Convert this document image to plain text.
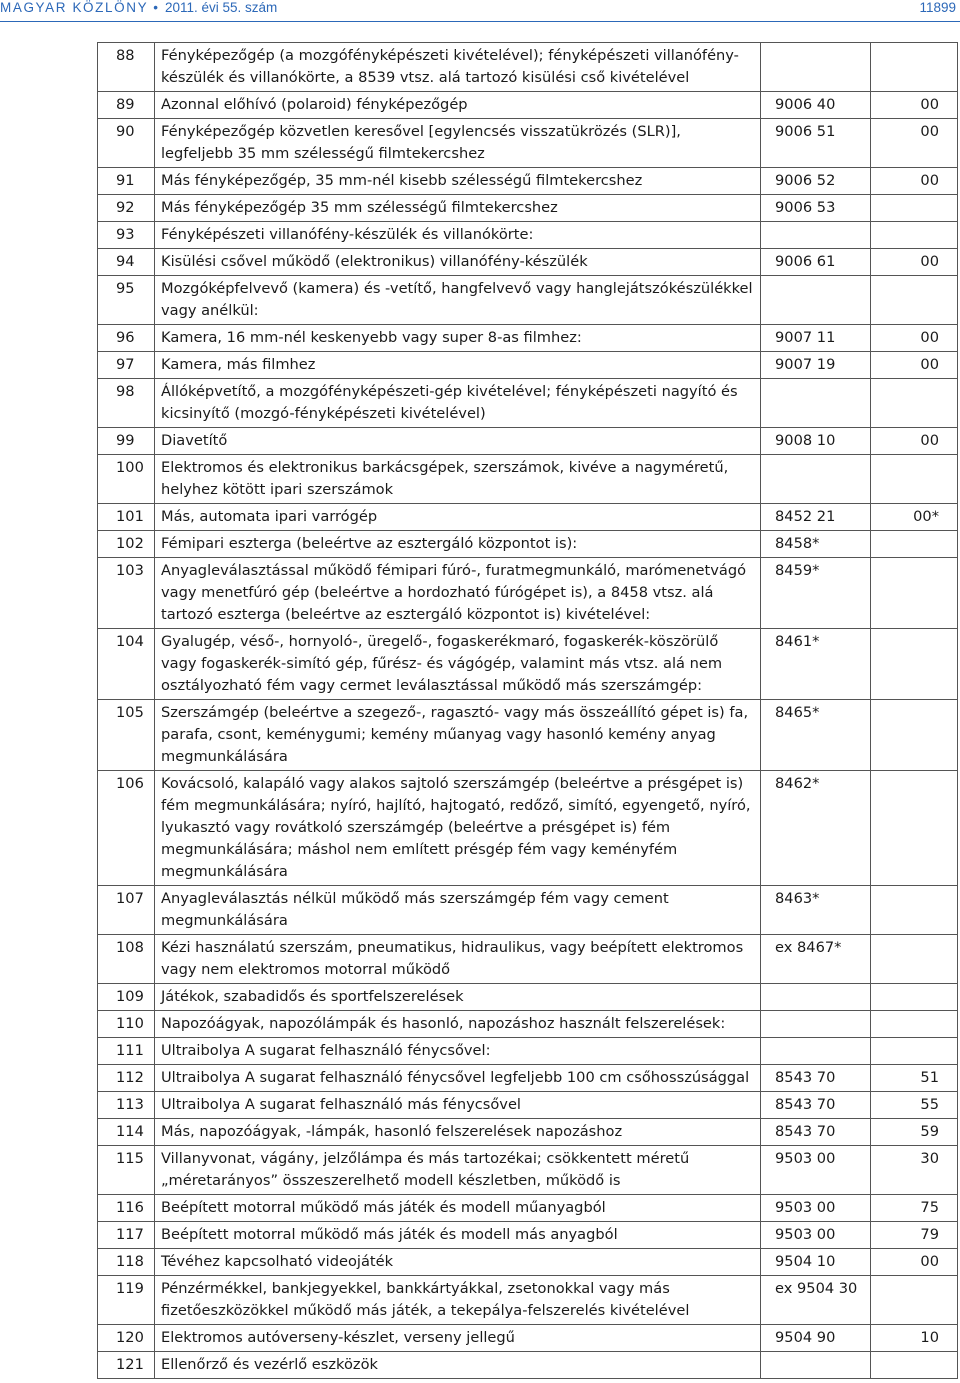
MAGYAR KÖZLÖNY • 2011. évi 55. szám	11899
88	Fényképezőgép (a mozgófényképészeti kivételével); fényképészeti villanófény-készülék és villanókörte, a 8539 vtsz. alá tartozó kisülési cső kivételével		
89	Azonnal előhívó (polaroid) fényképezőgép	9006 40	00
90	Fényképezőgép közvetlen keresővel [egylencsés visszatükrözés (SLR)], legfeljebb 35 mm szélességű filmtekercshez	9006 51	00
91	Más fényképezőgép, 35 mm-nél kisebb szélességű filmtekercshez	9006 52	00
92	Más fényképezőgép 35 mm szélességű filmtekercshez	9006 53	
93	Fényképészeti villanófény-készülék és villanókörte:		
94	Kisülési csővel működő (elektronikus) villanófény-készülék	9006 61	00
95	Mozgóképfelvevő (kamera) és -vetítő, hangfelvevő vagy hanglejátszókészülékkel vagy anélkül:		
96	Kamera, 16 mm-nél keskenyebb vagy super 8-as filmhez:	9007 11	00
97	Kamera, más filmhez	9007 19	00
98	Állóképvetítő, a mozgófényképészeti-gép kivételével; fényképészeti nagyító és kicsinyítő (mozgó-fényképészeti kivételével)		
99	Diavetítő	9008 10	00
100	Elektromos és elektronikus barkácsgépek, szerszámok, kivéve a nagyméretű, helyhez kötött ipari szerszámok		
101	Más, automata ipari varrógép	8452 21	00*
102	Fémipari eszterga (beleértve az esztergáló központot is):	8458*	
103	Anyagleválasztással működő fémipari fúró-, furatmegmunkáló, marómenetvágó vagy menetfúró gép (beleértve a hordozható fúrógépet is), a 8458 vtsz. alá tartozó eszterga (beleértve az esztergáló központot is) kivételével:	8459*	
104	Gyalugép, véső-, hornyoló-, üregelő-, fogaskerékmaró, fogaskerék-köszörülő vagy fogaskerék-simító gép, fűrész- és vágógép, valamint más vtsz. alá nem osztályozható fém vagy cermet leválasztással működő más szerszámgép:	8461*	
105	Szerszámgép (beleértve a szegező-, ragasztó- vagy más összeállító gépet is) fa, parafa, csont, keménygumi; kemény műanyag vagy hasonló kemény anyag megmunkálására	8465*	
106	Kovácsoló, kalapáló vagy alakos sajtoló szerszámgép (beleértve a présgépet is) fém megmunkálására; nyíró, hajlító, hajtogató, redőző, simító, egyengető, nyíró, lyukasztó vagy rovátkoló szerszámgép (beleértve a présgépet is) fém megmunkálására; máshol nem említett présgép fém vagy keményfém megmunkálására	8462*	
107	Anyagleválasztás nélkül működő más szerszámgép fém vagy cement megmunkálására	8463*	
108	Kézi használatú szerszám, pneumatikus, hidraulikus, vagy beépített elektromos vagy nem elektromos motorral működő	ex 8467*	
109	Játékok, szabadidős és sportfelszerelések		
110	Napozóágyak, napozólámpák és hasonló, napozáshoz használt felszerelések:		
111	Ultraibolya A sugarat felhasználó fénycsővel:		
112	Ultraibolya A sugarat felhasználó fénycsővel legfeljebb 100 cm csőhosszúsággal	8543 70	51
113	Ultraibolya A sugarat felhasználó más fénycsővel	8543 70	55
114	Más, napozóágyak, -lámpák, hasonló felszerelések napozáshoz	8543 70	59
115	Villanyvonat, vágány, jelzőlámpa és más tartozékai; csökkentett méretű „méretarányos” összeszerelhető modell készletben, működő is	9503 00	30
116	Beépített motorral működő más játék és modell műanyagból	9503 00	75
117	Beépített motorral működő más játék és modell más anyagból	9503 00	79
118	Tévéhez kapcsolható videojáték	9504 10	00
119	Pénzérmékkel, bankjegyekkel, bankkártyákkal, zsetonokkal vagy más fizetőeszközökkel működő más játék, a tekepálya-felszerelés kivételével	ex 9504 30	
120	Elektromos autóverseny-készlet, verseny jellegű	9504 90	10
121	Ellenőrző és vezérlő eszközök		
